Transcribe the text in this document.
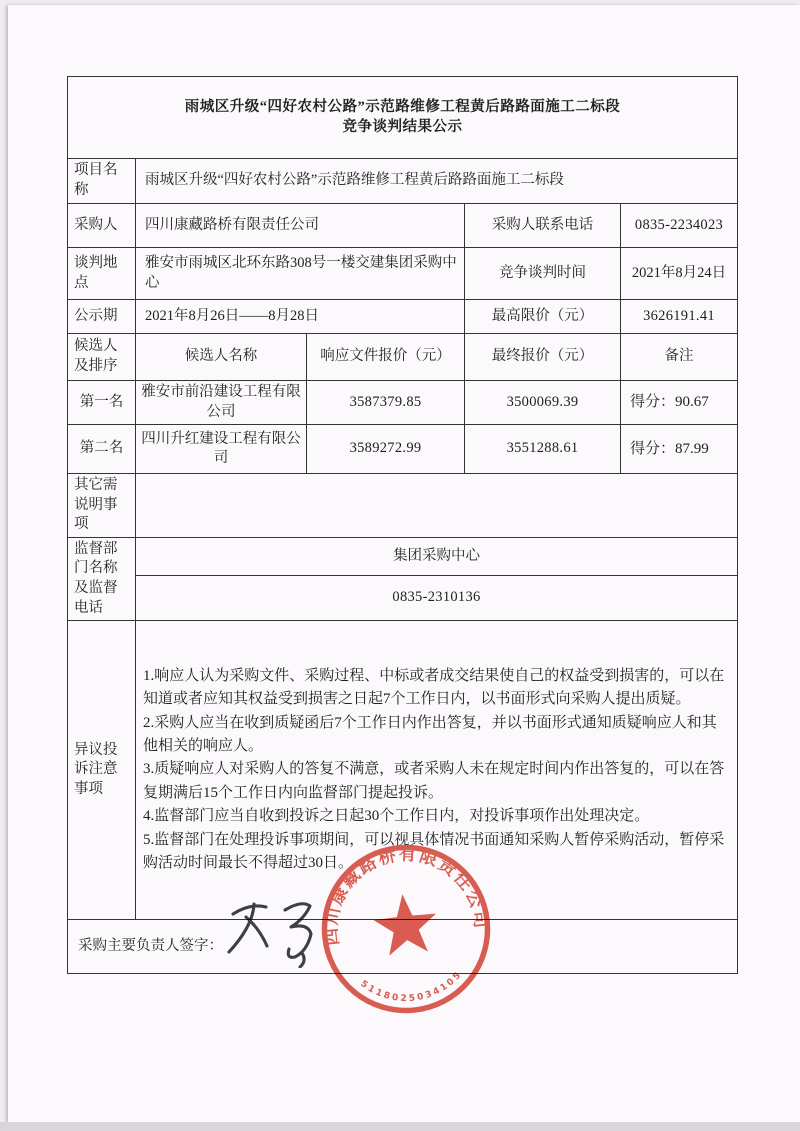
雨城区升级“四好农村公路”示范路维修工程黄后路路面施工二标段
竞争谈判结果公示				

项目名称	雨城区升级“四好农村公路”示范路维修工程黄后路路面施工二标段			
采购人	四川康藏路桥有限责任公司		采购人联系电话	0835-2234023
谈判地点	雅安市雨城区北环东路308号一楼交建集团采购中心		竞争谈判时间	2021年8月24日
公示期	2021年8月26日——8月28日		最高限价（元）	3626191.41
候选人及排序	候选人名称	响应文件报价（元）	最终报价（元）	备注
第一名	雅安市前沿建设工程有限公司	3587379.85	3500069.39	得分：90.67
第二名	四川升红建设工程有限公司	3589272.99	3551288.61	得分：87.99
其它需说明事项				
监督部门名称及监督电话	集团采购中心			
	0835-2310136			
异议投诉注意事项	1.响应人认为采购文件、采购过程、中标或者成交结果使自己的权益受到损害的，可以在知道或者应知其权益受到损害之日起7个工作日内，以书面形式向采购人提出质疑。

2.采购人应当在收到质疑函后7个工作日内作出答复，并以书面形式通知质疑响应人和其他相关的响应人。

3.质疑响应人对采购人的答复不满意，或者采购人未在规定时间内作出答复的，可以在答复期满后15个工作日内向监督部门提起投诉。

4.监督部门应当自收到投诉之日起30个工作日内，对投诉事项作出处理决定。

5.监督部门在处理投诉事项期间，可以视具体情况书面通知采购人暂停采购活动，暂停采购活动时间最长不得超过30日。			

采购主要负责人签字：					四川康藏路桥有限责任公司
5118025034105
